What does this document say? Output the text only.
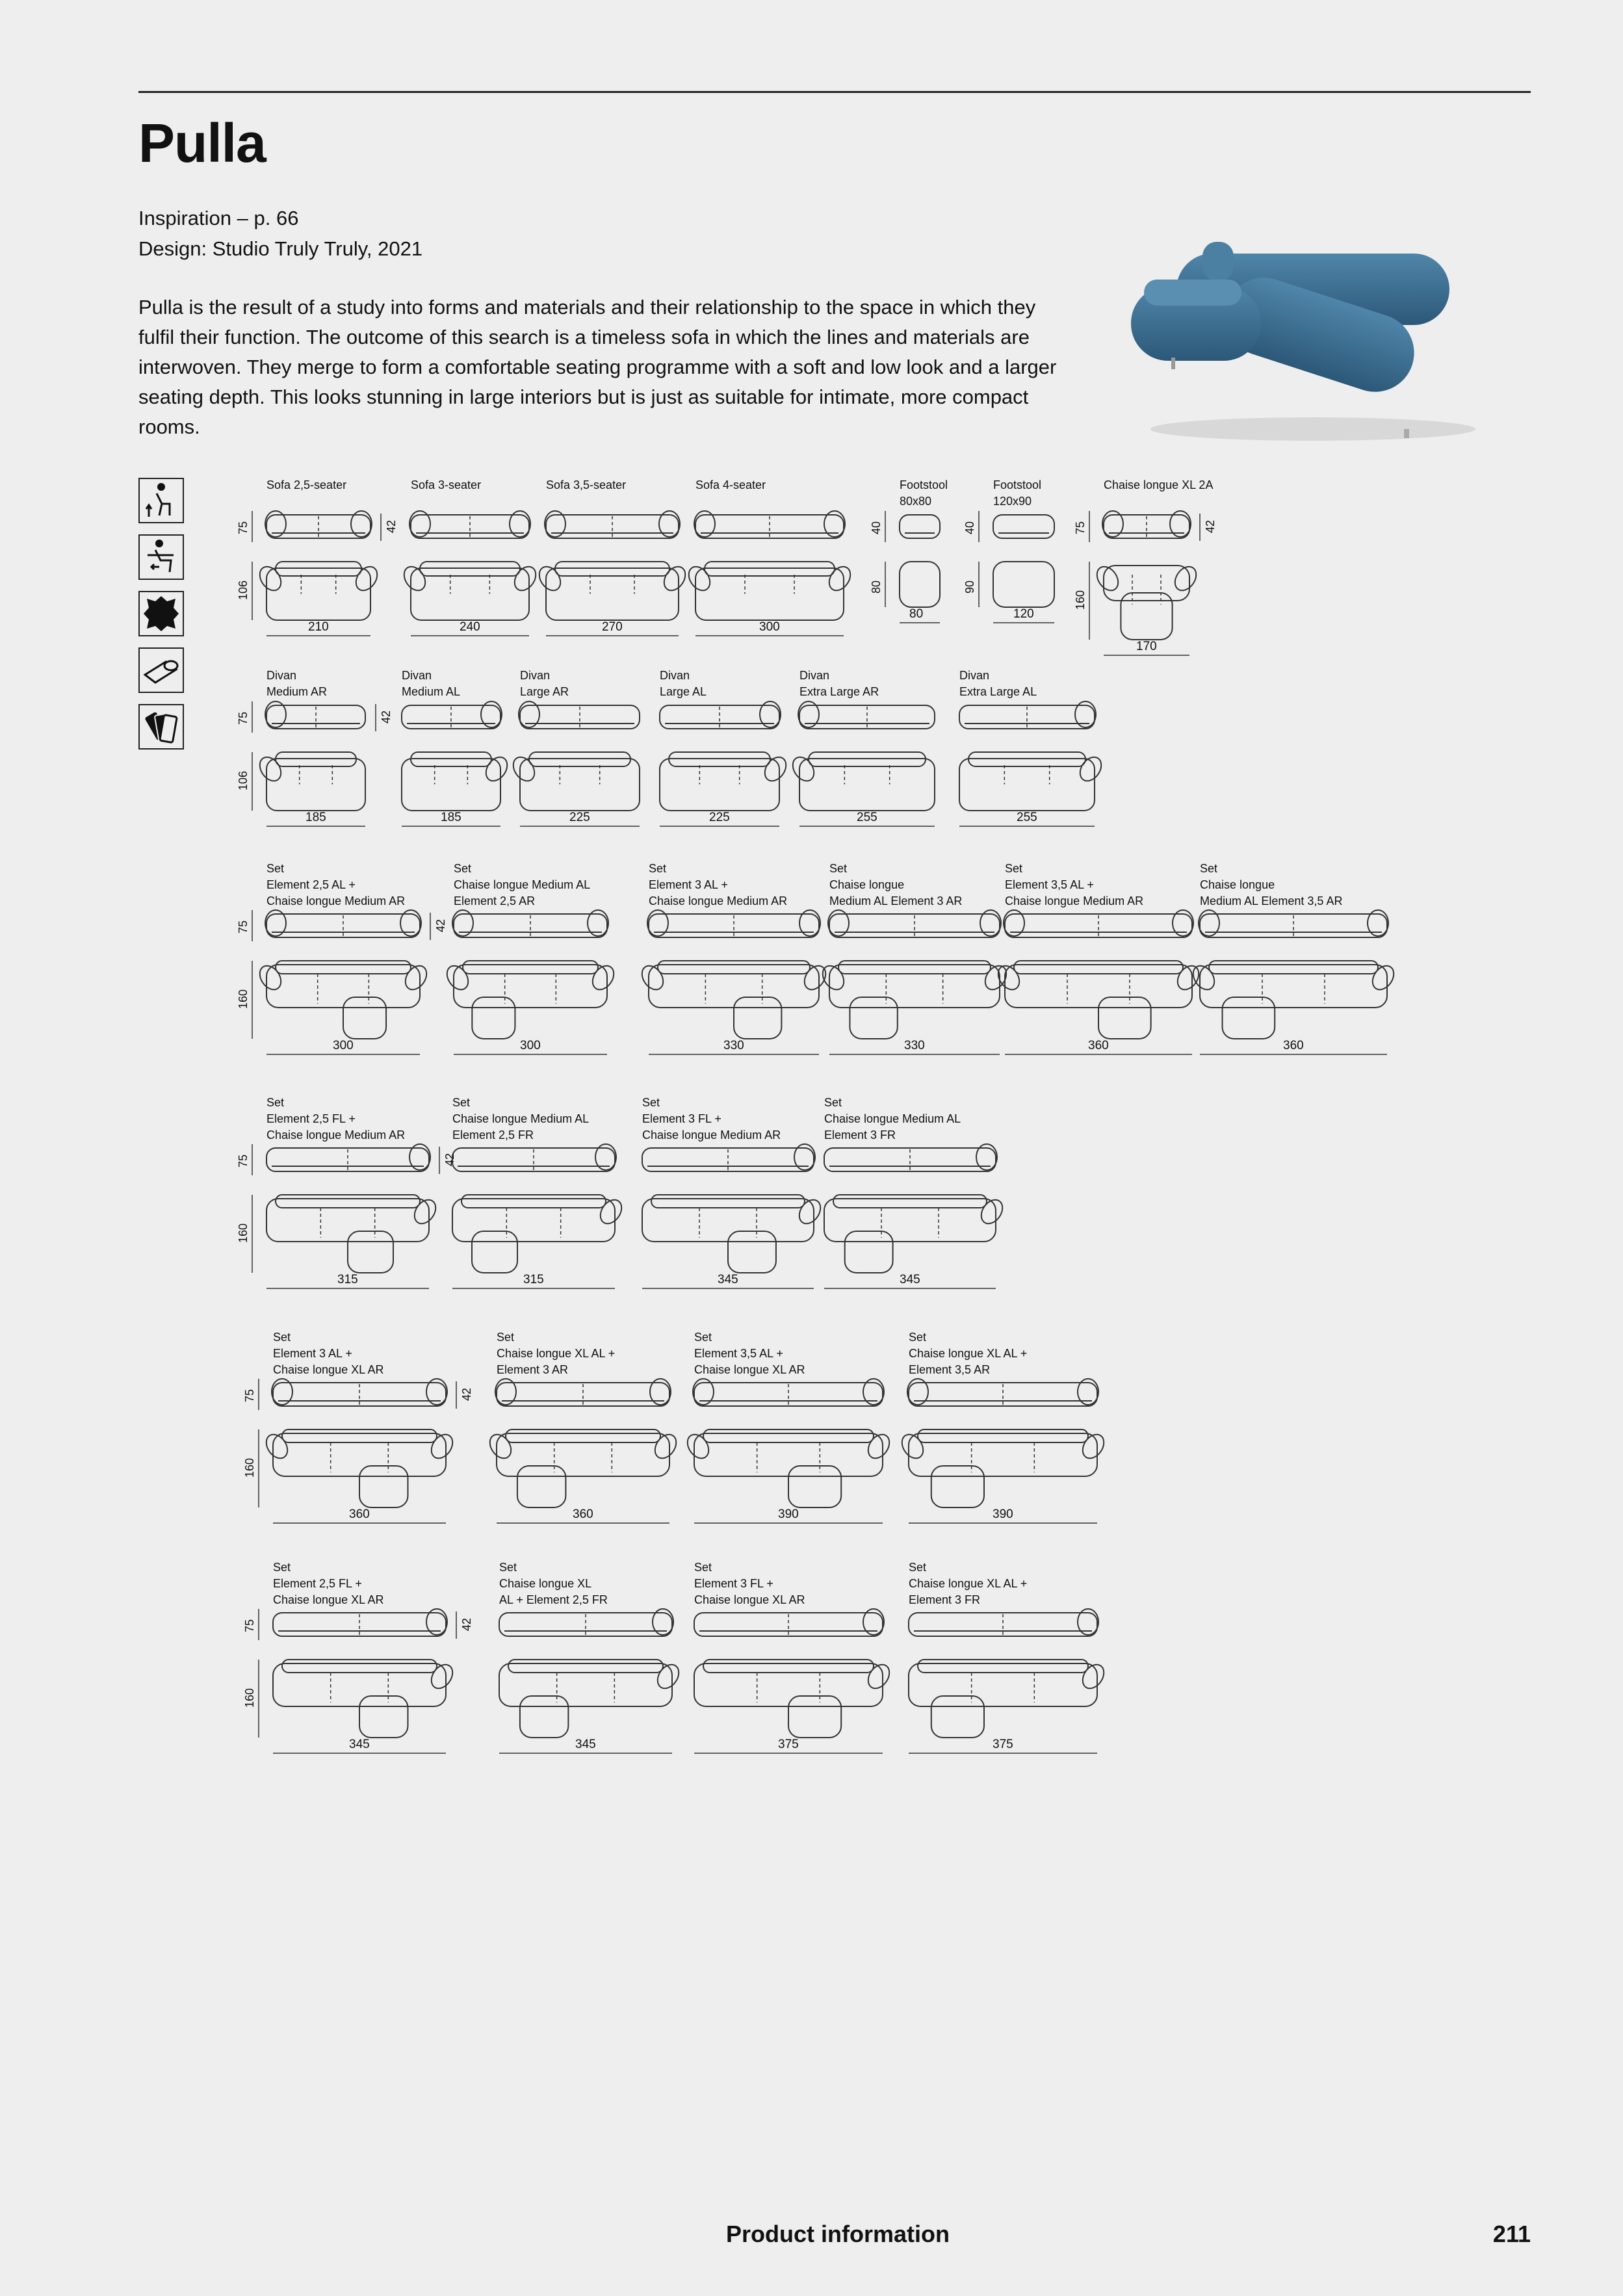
Pulla
Inspiration – p. 66
Design: Studio Truly Truly, 2021
Pulla is the result of a study into forms and materials and their relationship to the space in which they fulfil their function. The outcome of this search is a timeless sofa in which the lines and materials are interwoven. They merge to form a comfortable seating programme with a soft and low look and a larger seating depth. This looks stunning in large interiors but is just as suitable for intimate, more compact rooms.
Sofa 2,5-seater
210
75
106
42
Sofa 3-seater
240
Sofa 3,5-seater
270
Sofa 4-seater
300
Footstool
80x80
80
40
80
Footstool
120x90
120
40
90
Chaise longue XL 2A
170
75
160
42
Divan
Medium AR
185
75
106
42
Divan
Medium AL
185
Divan
Large AR
225
Divan
Large AL
225
Divan
Extra Large AR
255
Divan
Extra Large AL
255
Set
Element 2,5 AL +
Chaise longue Medium AR
300
75
160
42
Set
Chaise longue Medium AL
Element 2,5 AR
300
Set
Element 3 AL +
Chaise longue Medium AR
330
Set
Chaise longue
Medium AL Element 3 AR
330
Set
Element 3,5 AL +
Chaise longue Medium AR
360
Set
Chaise longue
Medium AL Element 3,5 AR
360
Set
Element 2,5 FL +
Chaise longue Medium AR
315
75
160
42
Set
Chaise longue Medium AL
Element 2,5 FR
315
Set
Element 3 FL +
Chaise longue Medium AR
345
Set
Chaise longue Medium AL
Element 3 FR
345
Set
Element 3 AL +
Chaise longue XL AR
360
75
160
42
Set
Chaise longue XL AL +
Element 3 AR
360
Set
Element 3,5 AL +
Chaise longue XL AR
390
Set
Chaise longue XL AL +
Element 3,5 AR
390
Set
Element 2,5 FL +
Chaise longue XL AR
345
75
160
42
Set
Chaise longue XL
AL + Element 2,5 FR
345
Set
Element 3 FL +
Chaise longue XL AR
375
Set
Chaise longue XL AL +
Element 3 FR
375
Product information	211
